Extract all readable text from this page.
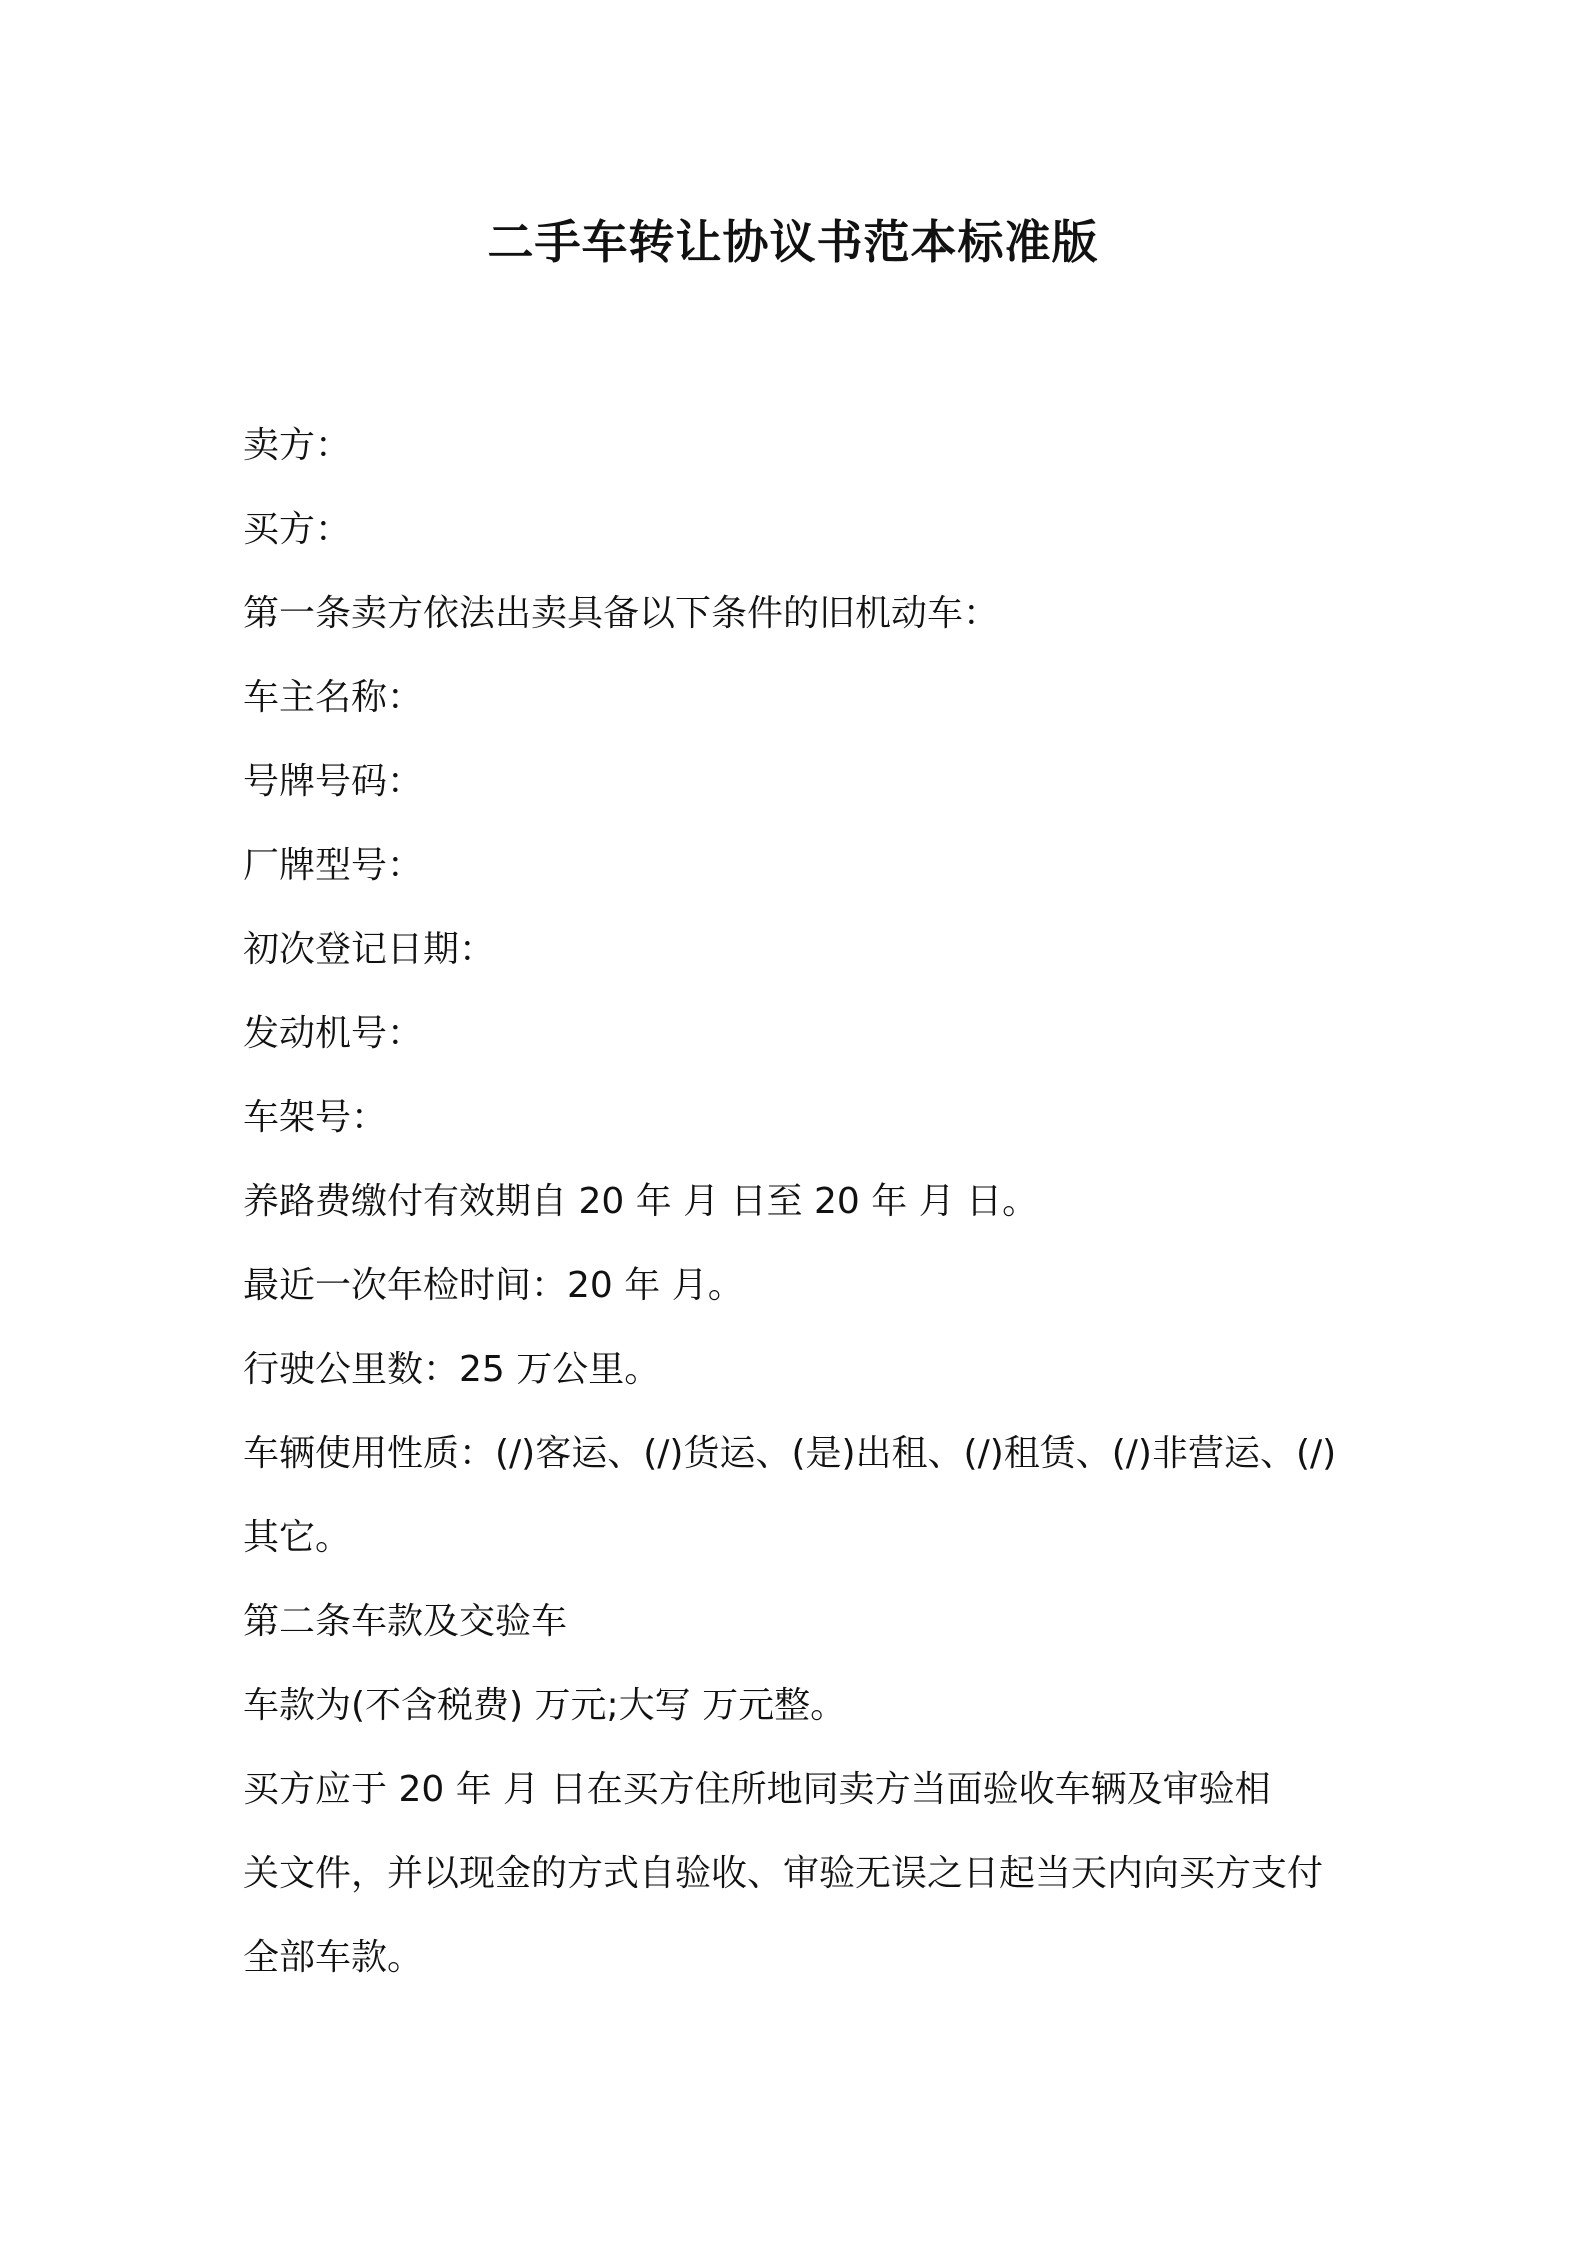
二手车转让协议书范本标准版
卖方：
买方：
第一条卖方依法出卖具备以下条件的旧机动车：
车主名称：
号牌号码：
厂牌型号：
初次登记日期：
发动机号：
车架号：
养路费缴付有效期自 20 年 月 日至 20 年 月 日。
最近一次年检时间：20 年 月。
行驶公里数：25 万公里。
车辆使用性质：(/)客运、(/)货运、(是)出租、(/)租赁、(/)非营运、(/)
其它。
第二条车款及交验车
车款为(不含税费) 万元;大写 万元整。
买方应于 20 年 月 日在买方住所地同卖方当面验收车辆及审验相
关文件，并以现金的方式自验收、审验无误之日起当天内向买方支付
全部车款。
